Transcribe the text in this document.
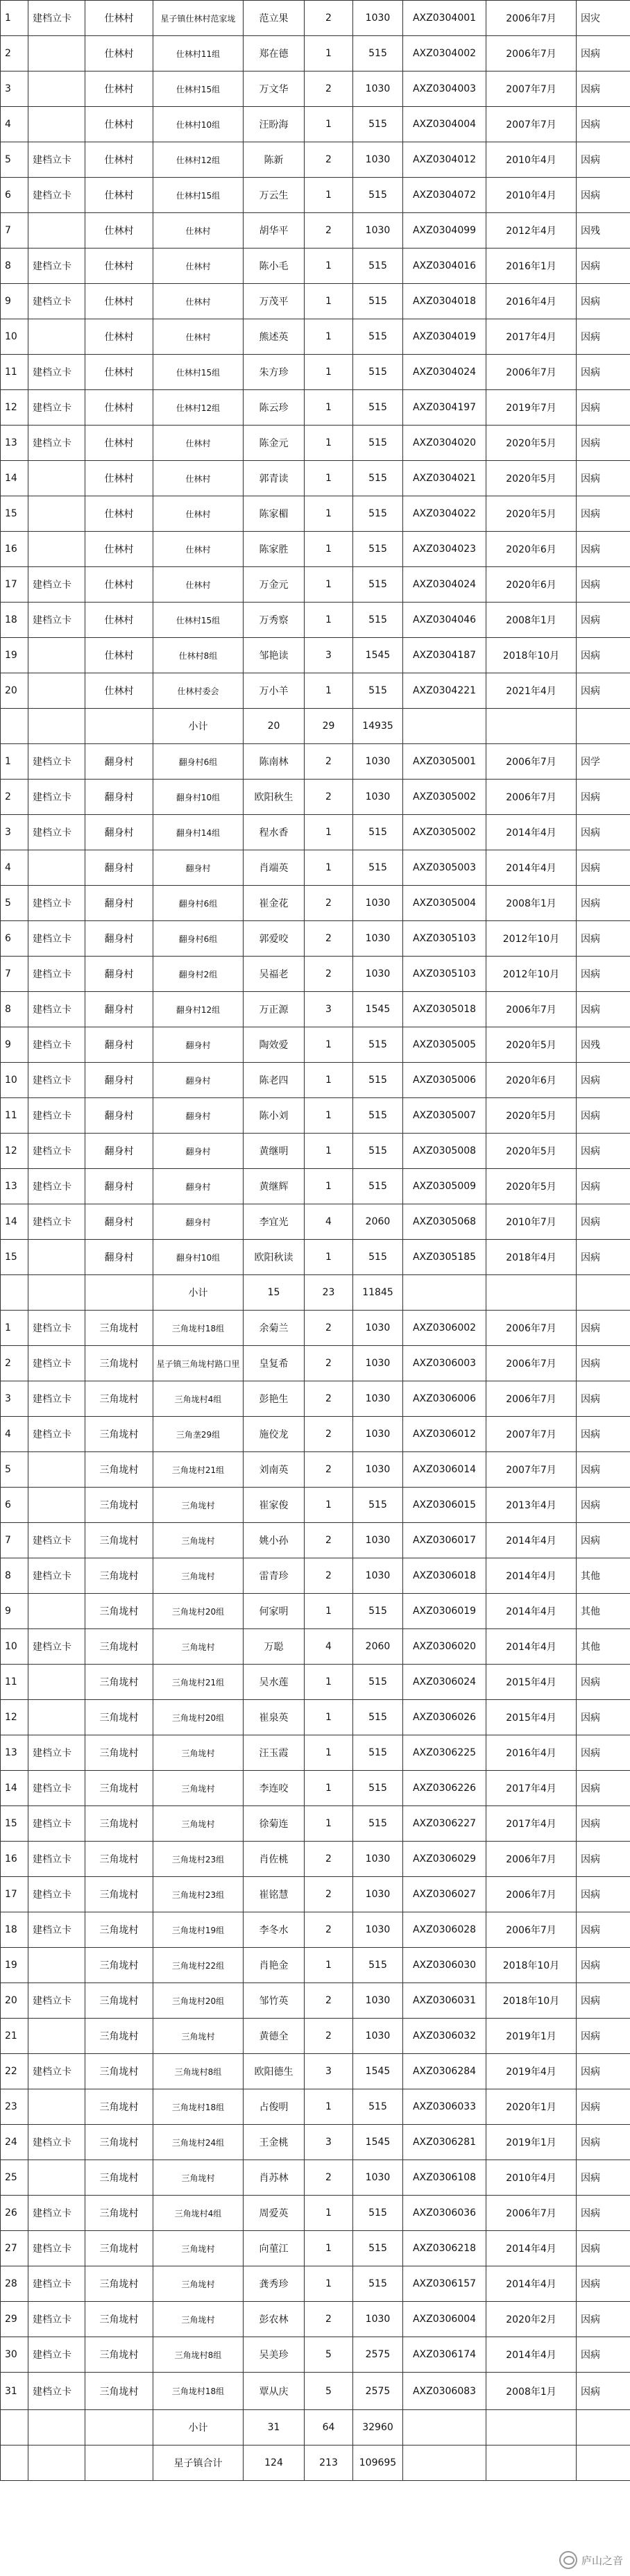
1	建档立卡	仕林村	星子镇仕林村范家垅	范立果	2	1030	AXZ0304001	2006年7月	因灾
2		仕林村	仕林村11组	郑在德	1	515	AXZ0304002	2006年7月	因病
3		仕林村	仕林村15组	万文华	2	1030	AXZ0304003	2007年7月	因病
4		仕林村	仕林村10组	汪盼海	1	515	AXZ0304004	2007年7月	因病
5	建档立卡	仕林村	仕林村12组	陈新	2	1030	AXZ0304012	2010年4月	因病
6	建档立卡	仕林村	仕林村15组	万云生	1	515	AXZ0304072	2010年4月	因病
7		仕林村	仕林村	胡华平	2	1030	AXZ0304099	2012年4月	因残
8	建档立卡	仕林村	仕林村	陈小毛	1	515	AXZ0304016	2016年1月	因病
9	建档立卡	仕林村	仕林村	万茂平	1	515	AXZ0304018	2016年4月	因病
10		仕林村	仕林村	熊述英	1	515	AXZ0304019	2017年4月	因病
11	建档立卡	仕林村	仕林村15组	朱方珍	1	515	AXZ0304024	2006年7月	因病
12	建档立卡	仕林村	仕林村12组	陈云珍	1	515	AXZ0304197	2019年7月	因病
13	建档立卡	仕林村	仕林村	陈金元	1	515	AXZ0304020	2020年5月	因病
14		仕林村	仕林村	郭青读	1	515	AXZ0304021	2020年5月	因病
15		仕林村	仕林村	陈家楣	1	515	AXZ0304022	2020年5月	因病
16		仕林村	仕林村	陈家胜	1	515	AXZ0304023	2020年6月	因病
17	建档立卡	仕林村	仕林村	万金元	1	515	AXZ0304024	2020年6月	因病
18	建档立卡	仕林村	仕林村15组	万秀察	1	515	AXZ0304046	2008年1月	因病
19		仕林村	仕林村8组	邹艳读	3	1545	AXZ0304187	2018年10月	因病
20		仕林村	仕林村委会	万小羊	1	515	AXZ0304221	2021年4月	因病
			小计	20	29	14935			
1	建档立卡	翻身村	翻身村6组	陈南林	2	1030	AXZ0305001	2006年7月	因学
2	建档立卡	翻身村	翻身村10组	欧阳秋生	2	1030	AXZ0305002	2006年7月	因病
3	建档立卡	翻身村	翻身村14组	程水香	1	515	AXZ0305002	2014年4月	因病
4		翻身村	翻身村	肖端英	1	515	AXZ0305003	2014年4月	因病
5	建档立卡	翻身村	翻身村6组	崔金花	2	1030	AXZ0305004	2008年1月	因病
6	建档立卡	翻身村	翻身村6组	郭爱咬	2	1030	AXZ0305103	2012年10月	因病
7	建档立卡	翻身村	翻身村2组	吴福老	2	1030	AXZ0305103	2012年10月	因病
8	建档立卡	翻身村	翻身村12组	万正源	3	1545	AXZ0305018	2006年7月	因病
9	建档立卡	翻身村	翻身村	陶效爱	1	515	AXZ0305005	2020年5月	因残
10	建档立卡	翻身村	翻身村	陈老四	1	515	AXZ0305006	2020年6月	因病
11	建档立卡	翻身村	翻身村	陈小刘	1	515	AXZ0305007	2020年5月	因病
12	建档立卡	翻身村	翻身村	黄继明	1	515	AXZ0305008	2020年5月	因病
13	建档立卡	翻身村	翻身村	黄继辉	1	515	AXZ0305009	2020年5月	因病
14	建档立卡	翻身村	翻身村	李宜光	4	2060	AXZ0305068	2010年7月	因病
15		翻身村	翻身村10组	欧阳秋读	1	515	AXZ0305185	2018年4月	因病
			小计	15	23	11845			
1	建档立卡	三角垅村	三角垅村18组	余菊兰	2	1030	AXZ0306002	2006年7月	因病
2	建档立卡	三角垅村	星子镇三角垅村路口里	皇复希	2	1030	AXZ0306003	2006年7月	因病
3	建档立卡	三角垅村	三角垅村4组	彭艳生	2	1030	AXZ0306006	2006年7月	因病
4	建档立卡	三角垅村	三角垄29组	施佼龙	2	1030	AXZ0306012	2007年7月	因病
5		三角垅村	三角垅村21组	刘南英	2	1030	AXZ0306014	2007年7月	因病
6		三角垅村	三角垅村	崔家俊	1	515	AXZ0306015	2013年4月	因病
7	建档立卡	三角垅村	三角垅村	姚小孙	2	1030	AXZ0306017	2014年4月	因病
8	建档立卡	三角垅村	三角垅村	雷青珍	2	1030	AXZ0306018	2014年4月	其他
9		三角垅村	三角垅村20组	何家明	1	515	AXZ0306019	2014年4月	其他
10	建档立卡	三角垅村	三角垅村	万聪	4	2060	AXZ0306020	2014年4月	其他
11		三角垅村	三角垅村21组	吴水莲	1	515	AXZ0306024	2015年4月	因病
12		三角垅村	三角垅村20组	崔泉英	1	515	AXZ0306026	2015年4月	因病
13	建档立卡	三角垅村	三角垅村	汪玉霞	1	515	AXZ0306225	2016年4月	因病
14	建档立卡	三角垅村	三角垅村	李连咬	1	515	AXZ0306226	2017年4月	因病
15	建档立卡	三角垅村	三角垅村	徐菊连	1	515	AXZ0306227	2017年4月	因病
16	建档立卡	三角垅村	三角垅村23组	肖佐桃	2	1030	AXZ0306029	2006年7月	因病
17	建档立卡	三角垅村	三角垅村23组	崔铭慧	2	1030	AXZ0306027	2006年7月	因病
18	建档立卡	三角垅村	三角垅村19组	李冬水	2	1030	AXZ0306028	2006年7月	因病
19		三角垅村	三角垅村22组	肖艳金	1	515	AXZ0306030	2018年10月	因病
20	建档立卡	三角垅村	三角垅村20组	邹竹英	2	1030	AXZ0306031	2018年10月	因病
21		三角垅村	三角垅村	黄德全	2	1030	AXZ0306032	2019年1月	因病
22	建档立卡	三角垅村	三角垅村8组	欧阳德生	3	1545	AXZ0306284	2019年4月	因病
23		三角垅村	三角垅村18组	占俊明	1	515	AXZ0306033	2020年1月	因病
24	建档立卡	三角垅村	三角垅村24组	王金桃	3	1545	AXZ0306281	2019年1月	因病
25		三角垅村	三角垅村	肖苏林	2	1030	AXZ0306108	2010年4月	因病
26	建档立卡	三角垅村	三角垅村4组	周爱英	1	515	AXZ0306036	2006年7月	因病
27	建档立卡	三角垅村	三角垅村	向菫江	1	515	AXZ0306218	2014年4月	因病
28	建档立卡	三角垅村	三角垅村	龚秀珍	1	515	AXZ0306157	2014年4月	因病
29	建档立卡	三角垅村	三角垅村	彭农林	2	1030	AXZ0306004	2020年2月	因病
30	建档立卡	三角垅村	三角垅村8组	吴美珍	5	2575	AXZ0306174	2014年4月	因病
31	建档立卡	三角垅村	三角垅村18组	覃从庆	5	2575	AXZ0306083	2008年1月	因病
			小计	31	64	32960			
			星子镇合计	124	213	109695			
庐山之音
